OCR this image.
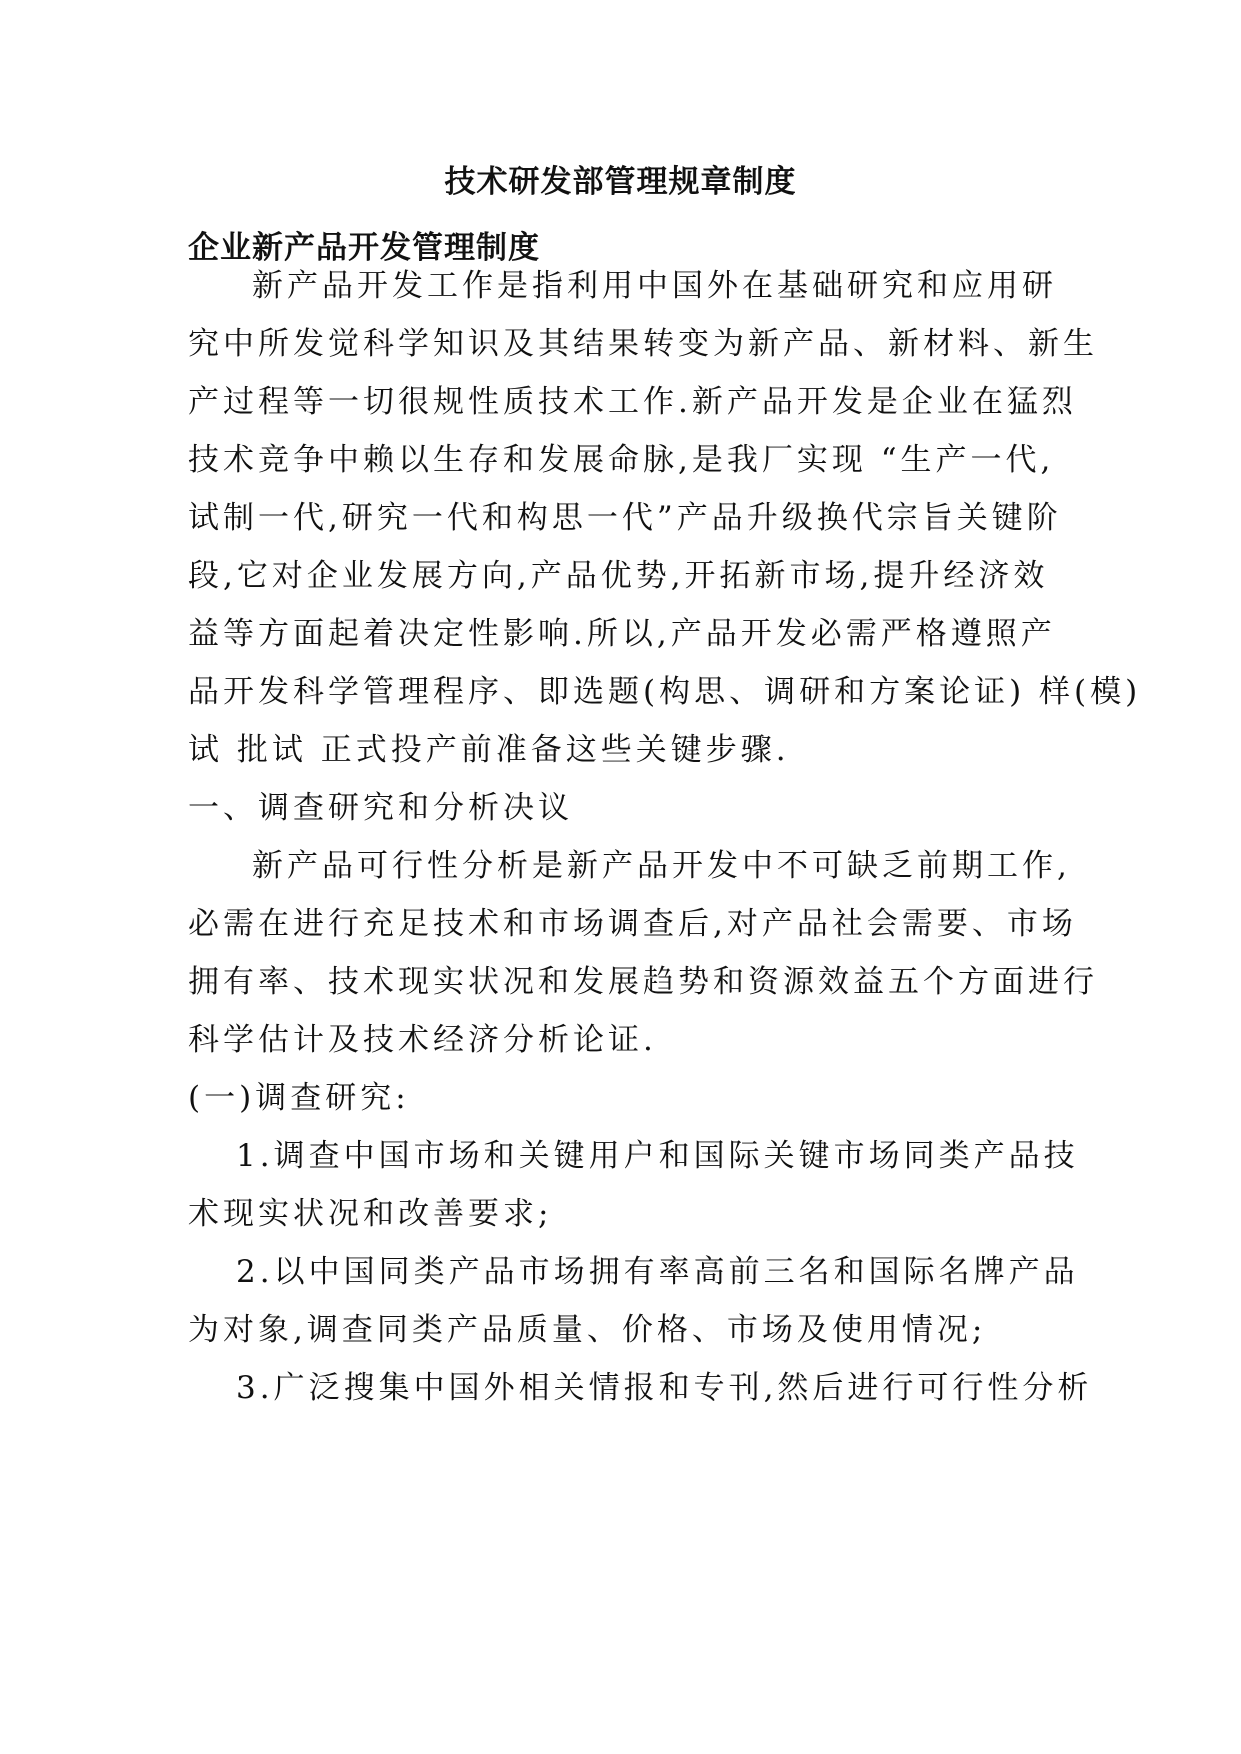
技术研发部管理规章制度
企业新产品开发管理制度
新产品开发工作是指利用中国外在基础研究和应用研
究中所发觉科学知识及其结果转变为新产品、新材料、新生
产过程等一切很规性质技术工作.新产品开发是企业在猛烈
技术竞争中赖以生存和发展命脉,是我厂实现 “生产一代,
试制一代,研究一代和构思一代”产品升级换代宗旨关键阶
段,它对企业发展方向,产品优势,开拓新市场,提升经济效
益等方面起着决定性影响.所以,产品开发必需严格遵照产
品开发科学管理程序、即选题(构思、调研和方案论证) 样(模)
试 批试 正式投产前准备这些关键步骤.
一、调查研究和分析决议
新产品可行性分析是新产品开发中不可缺乏前期工作,
必需在进行充足技术和市场调查后,对产品社会需要、市场
拥有率、技术现实状况和发展趋势和资源效益五个方面进行
科学估计及技术经济分析论证.
(一)调查研究:
1.调查中国市场和关键用户和国际关键市场同类产品技
术现实状况和改善要求;
2.以中国同类产品市场拥有率高前三名和国际名牌产品
为对象,调查同类产品质量、价格、市场及使用情况;
3.广泛搜集中国外相关情报和专刊,然后进行可行性分析
